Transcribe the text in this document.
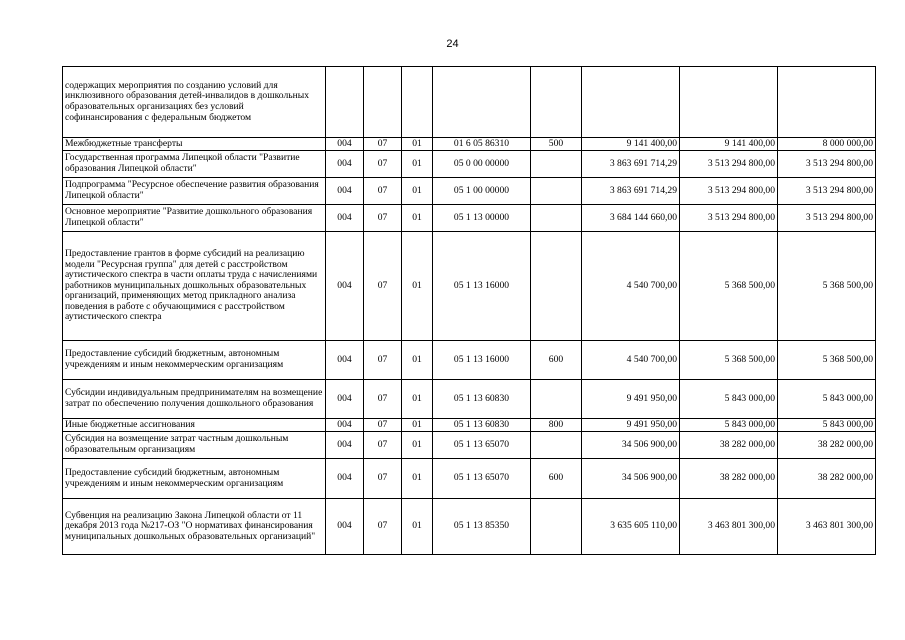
24
содержащих мероприятия по созданию условий для инклюзивного образования детей-инвалидов в дошкольных образовательных организациях без условий софинансирования с федеральным бюджетом								
Межбюджетные трансферты	004	07	01	01 6 05 86310	500	9 141 400,00	9 141 400,00	8 000 000,00
Государственная программа Липецкой области "Развитие образования Липецкой области"	004	07	01	05 0 00 00000		3 863 691 714,29	3 513 294 800,00	3 513 294 800,00
Подпрограмма "Ресурсное обеспечение развития образования Липецкой области"	004	07	01	05 1 00 00000		3 863 691 714,29	3 513 294 800,00	3 513 294 800,00
Основное мероприятие "Развитие дошкольного образования Липецкой области"	004	07	01	05 1 13 00000		3 684 144 660,00	3 513 294 800,00	3 513 294 800,00
Предоставление грантов в форме субсидий на реализацию модели "Ресурсная группа" для детей с расстройством аутистического спектра в части оплаты труда с начислениями работников муниципальных дошкольных образовательных организаций, применяющих метод прикладного анализа поведения в работе с обучающимися с расстройством аутистического спектра	004	07	01	05 1 13 16000		4 540 700,00	5 368 500,00	5 368 500,00
Предоставление субсидий бюджетным, автономным учреждениям и иным некоммерческим организациям	004	07	01	05 1 13 16000	600	4 540 700,00	5 368 500,00	5 368 500,00
Субсидии индивидуальным предпринимателям на возмещение затрат по обеспечению получения дошкольного образования	004	07	01	05 1 13 60830		9 491 950,00	5 843 000,00	5 843 000,00
Иные бюджетные ассигнования	004	07	01	05 1 13 60830	800	9 491 950,00	5 843 000,00	5 843 000,00
Субсидия на возмещение затрат частным дошкольным образовательным организациям	004	07	01	05 1 13 65070		34 506 900,00	38 282 000,00	38 282 000,00
Предоставление субсидий бюджетным, автономным учреждениям и иным некоммерческим организациям	004	07	01	05 1 13 65070	600	34 506 900,00	38 282 000,00	38 282 000,00
Субвенция на реализацию Закона Липецкой области от 11 декабря 2013 года №217-ОЗ "О нормативах финансирования муниципальных дошкольных образовательных организаций"	004	07	01	05 1 13 85350		3 635 605 110,00	3 463 801 300,00	3 463 801 300,00
